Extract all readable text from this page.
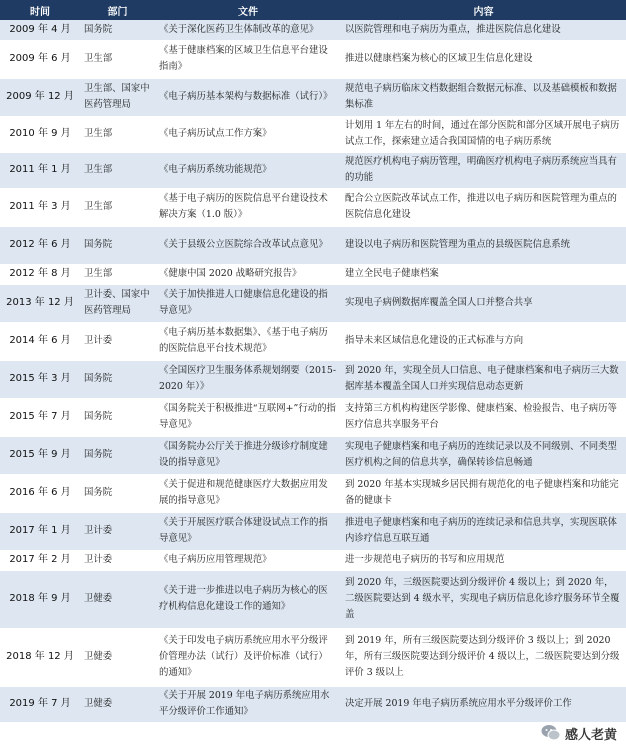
时间	部门	文件	内容
2009 年 4 月	国务院	《关于深化医药卫生体制改革的意见》	以医院管理和电子病历为重点，推进医院信息化建设
2009 年 6 月	卫生部	《基于健康档案的区域卫生信息平台建设指南》	推进以健康档案为核心的区域卫生信息化建设
2009 年 12 月	卫生部、国家中医药管理局	《电子病历基本架构与数据标准（试行）》	规范电子病历临床文档数据组合数据元标准、以及基础模板和数据集标准
2010 年 9 月	卫生部	《电子病历试点工作方案》	计划用 1 年左右的时间，通过在部分医院和部分区域开展电子病历试点工作，探索建立适合我国国情的电子病历系统
2011 年 1 月	卫生部	《电子病历系统功能规范》	规范医疗机构电子病历管理，明确医疗机构电子病历系统应当具有的功能
2011 年 3 月	卫生部	《基于电子病历的医院信息平台建设技术解决方案（1.0 版）》	配合公立医院改革试点工作，推进以电子病历和医院管理为重点的医院信息化建设
2012 年 6 月	国务院	《关于县级公立医院综合改革试点意见》	建设以电子病历和医院管理为重点的县级医院信息系统
2012 年 8 月	卫生部	《健康中国 2020 战略研究报告》	建立全民电子健康档案
2013 年 12 月	卫计委、国家中医药管理局	《关于加快推进人口健康信息化建设的指导意见》	实现电子病例数据库覆盖全国人口并整合共享
2014 年 6 月	卫计委	《电子病历基本数据集》、《基于电子病历的医院信息平台技术规范》	指导未来区域信息化建设的正式标准与方向
2015 年 3 月	国务院	《全国医疗卫生服务体系规划纲要（2015-2020 年）》	到 2020 年，实现全员人口信息、电子健康档案和电子病历三大数据库基本覆盖全国人口并实现信息动态更新
2015 年 7 月	国务院	《国务院关于积极推进“互联网+”行动的指导意见》	支持第三方机构构建医学影像、健康档案、检验报告、电子病历等医疗信息共享服务平台
2015 年 9 月	国务院	《国务院办公厅关于推进分级诊疗制度建设的指导意见》	实现电子健康档案和电子病历的连续记录以及不同级别、不同类型医疗机构之间的信息共享，确保转诊信息畅通
2016 年 6 月	国务院	《关于促进和规范健康医疗大数据应用发展的指导意见》	到 2020 年基本实现城乡居民拥有规范化的电子健康档案和功能完备的健康卡
2017 年 1 月	卫计委	《关于开展医疗联合体建设试点工作的指导意见》	推进电子健康档案和电子病历的连续记录和信息共享，实现医联体内诊疗信息互联互通
2017 年 2 月	卫计委	《电子病历应用管理规范》	进一步规范电子病历的书写和应用规范
2018 年 9 月	卫健委	《关于进一步推进以电子病历为核心的医疗机构信息化建设工作的通知》	到 2020 年，三级医院要达到分级评价 4 级以上；到 2020 年，二级医院要达到 4 级水平，实现电子病历信息化诊疗服务环节全覆盖
2018 年 12 月	卫健委	《关于印发电子病历系统应用水平分级评价管理办法（试行）及评价标准（试行）的通知》	到 2019 年，所有三级医院要达到分级评价 3 级以上；到 2020 年，所有三级医院要达到分级评价 4 级以上，二级医院要达到分级评价 3 级以上
2019 年 7 月	卫健委	《关于开展 2019 年电子病历系统应用水平分级评价工作通知》	决定开展 2019 年电子病历系统应用水平分级评价工作
感人老黄
